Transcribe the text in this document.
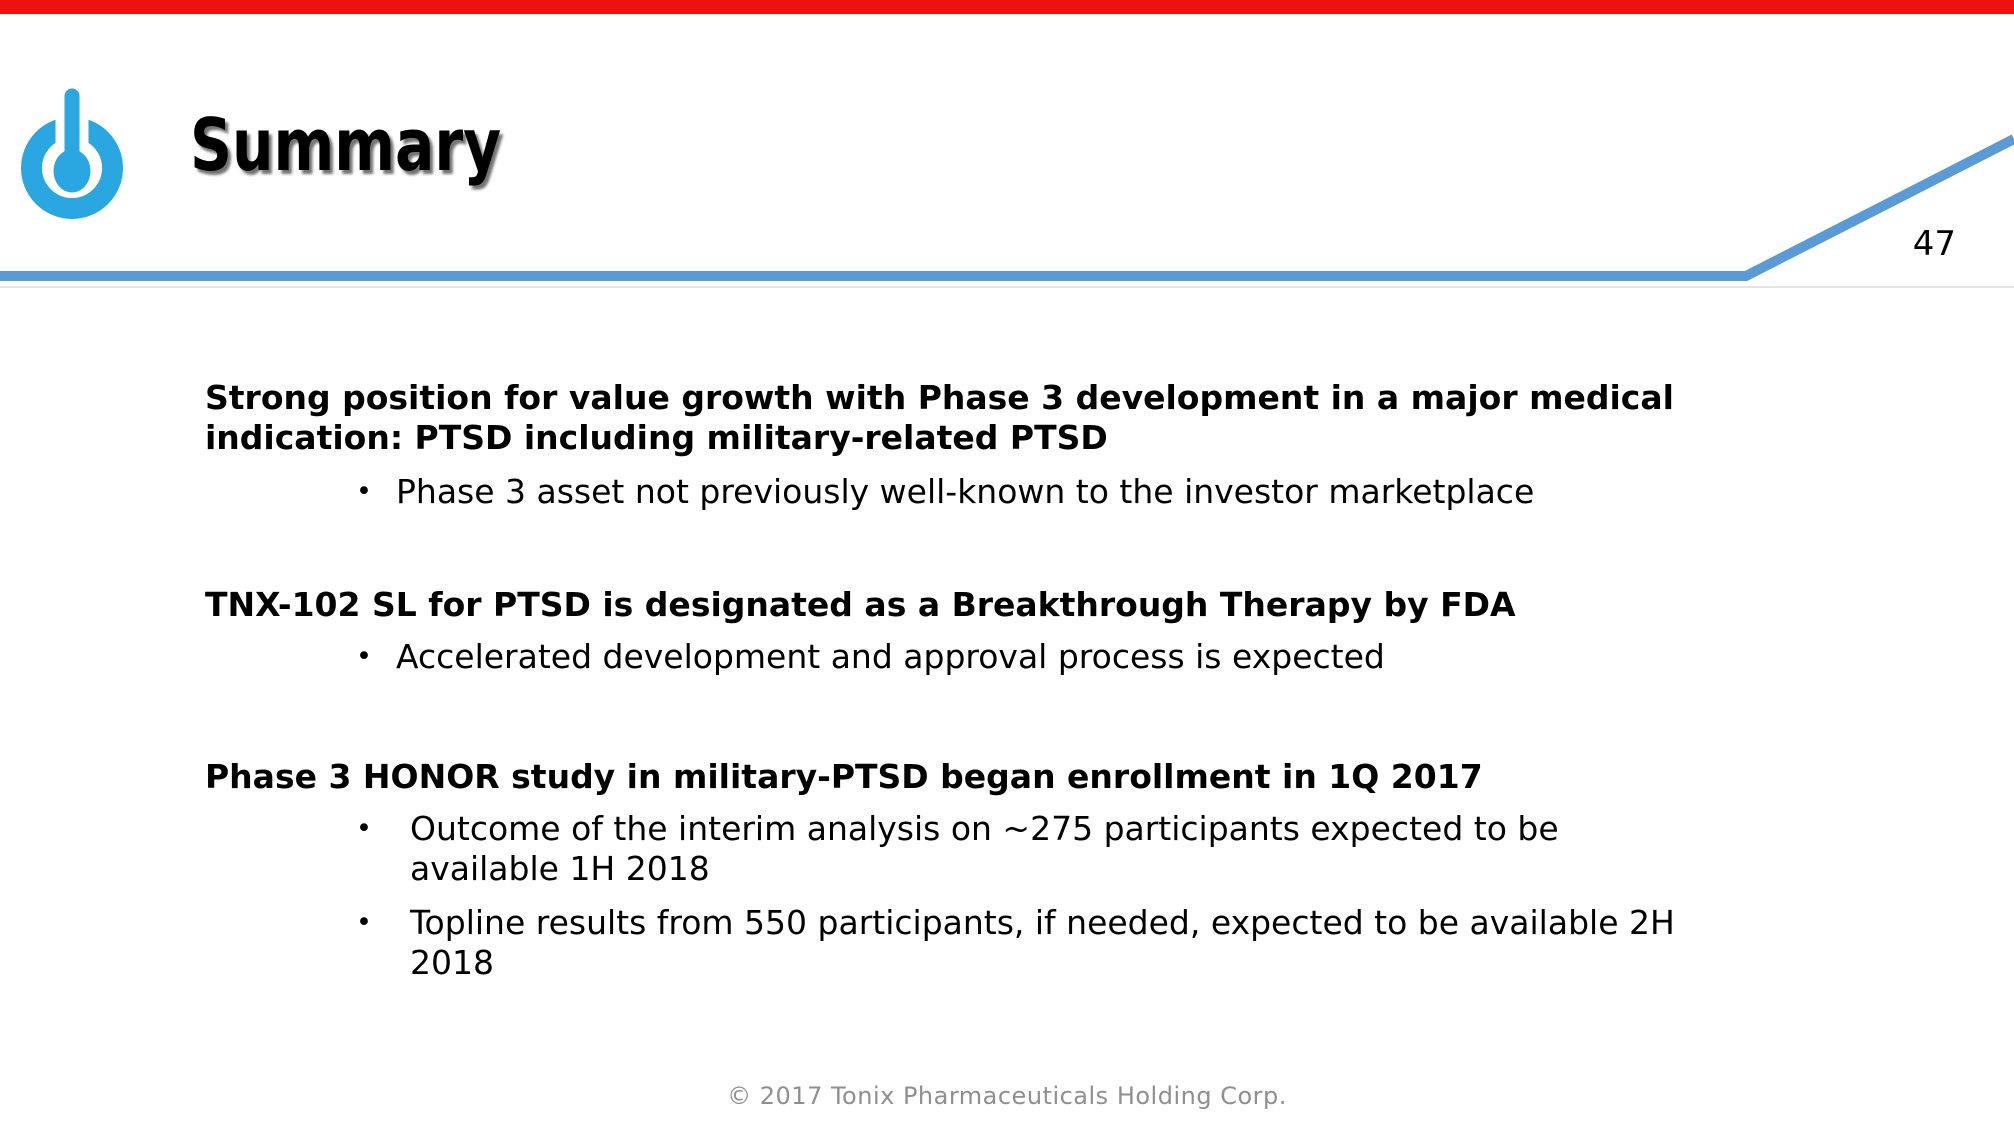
Summary
47
Strong position for value growth with Phase 3 development in a major medical
indication: PTSD including military-related PTSD
• Phase 3 asset not previously well-known to the investor marketplace
TNX-102 SL for PTSD is designated as a Breakthrough Therapy by FDA
• Accelerated development and approval process is expected
Phase 3 HONOR study in military-PTSD began enrollment in 1Q 2017
•	Outcome of the interim analysis on ~275 participants expected to be
available 1H 2018
•	Topline results from 550 participants, if needed, expected to be available 2H
2018
© 2017 Tonix Pharmaceuticals Holding Corp.
